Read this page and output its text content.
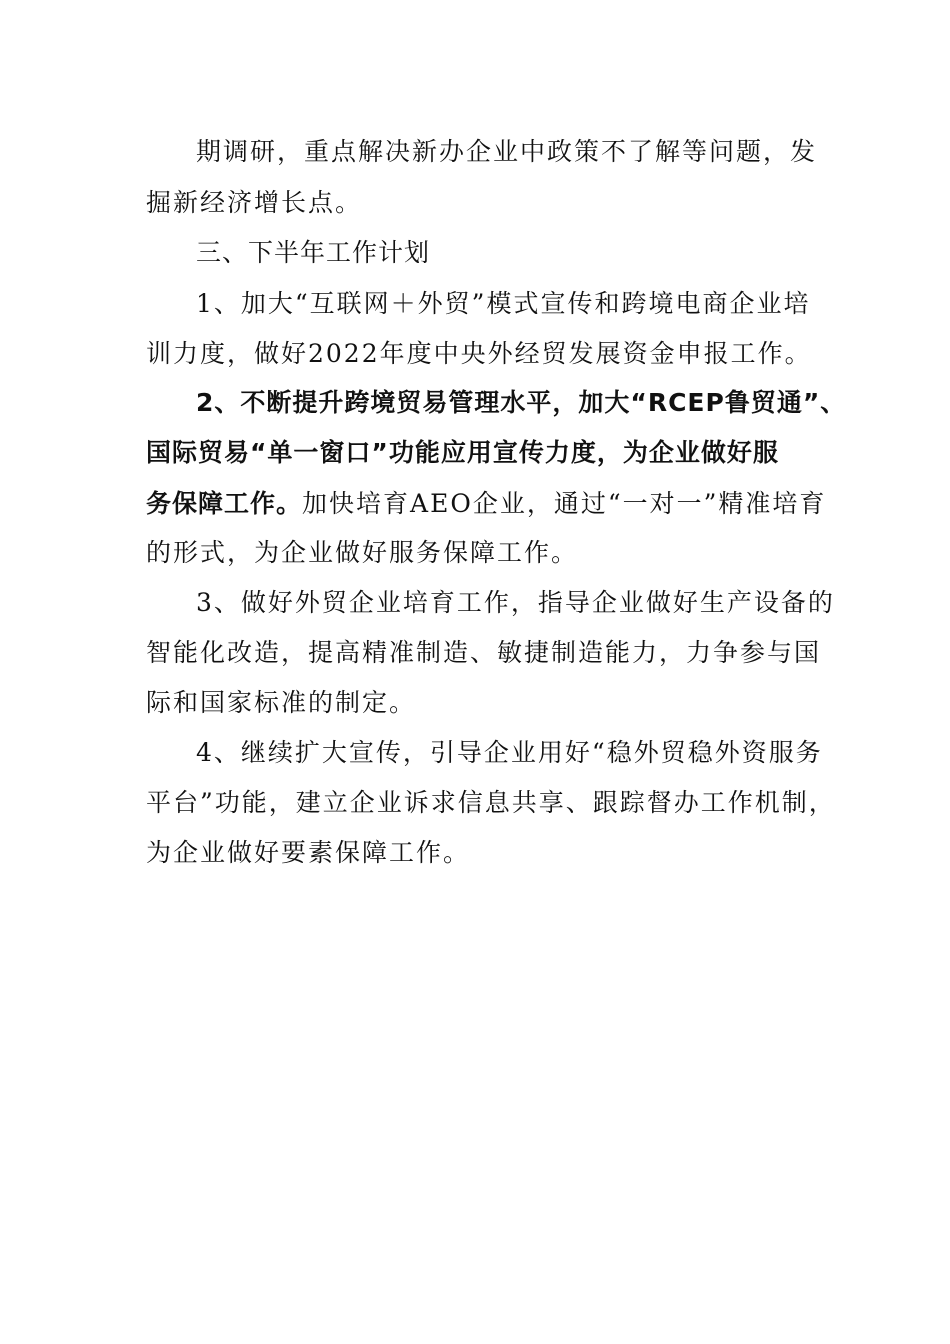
期调研，重点解决新办企业中政策不了解等问题，发
掘新经济增长点。
三、下半年工作计划
1、加大“互联网＋外贸”模式宣传和跨境电商企业培
训力度，做好2022年度中央外经贸发展资金申报工作。
2、不断提升跨境贸易管理水平，加大“RCEP鲁贸通”、
国际贸易“单一窗口”功能应用宣传力度，为企业做好服
务保障工作。加快培育AEO企业，通过“一对一”精准培育
的形式，为企业做好服务保障工作。
3、做好外贸企业培育工作，指导企业做好生产设备的
智能化改造，提高精准制造、敏捷制造能力，力争参与国
际和国家标准的制定。
4、继续扩大宣传，引导企业用好“稳外贸稳外资服务
平台”功能，建立企业诉求信息共享、跟踪督办工作机制，
为企业做好要素保障工作。
